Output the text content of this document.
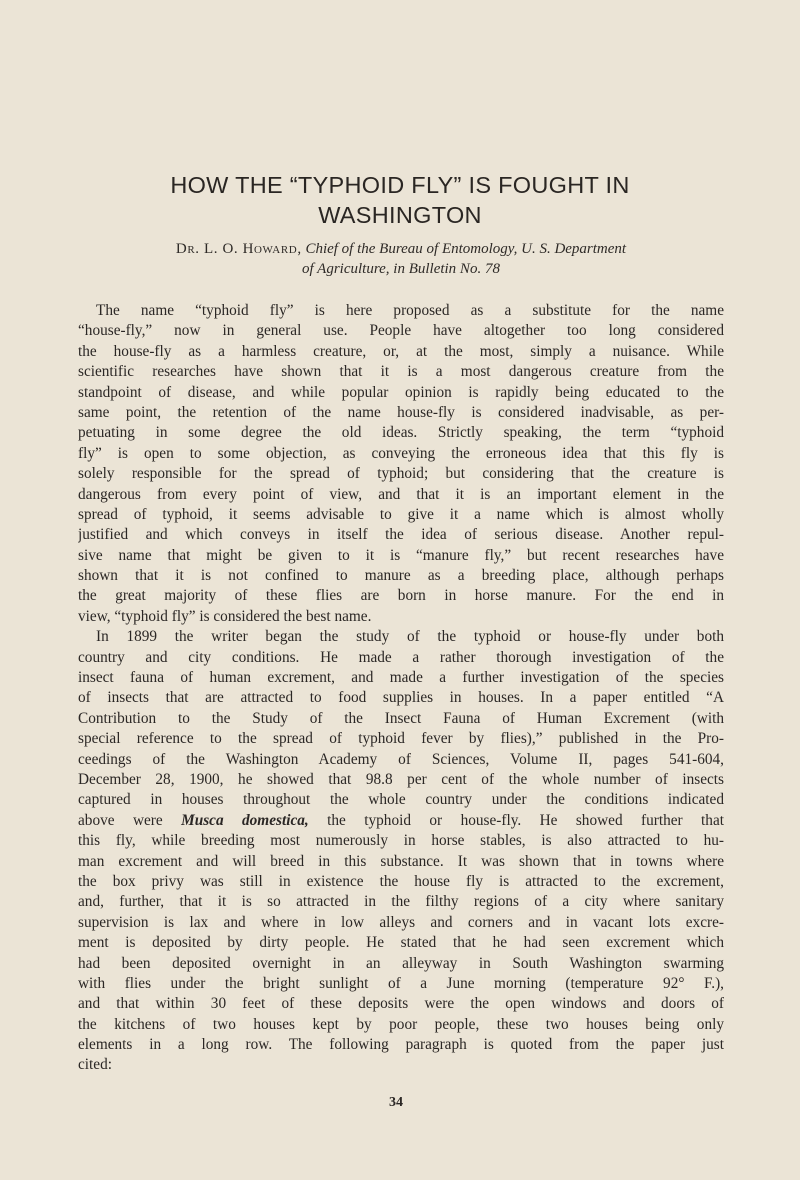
HOW THE “TYPHOID FLY” IS FOUGHT IN
WASHINGTON
Dr. L. O. Howard, Chief of the Bureau of Entomology, U. S. Department
of Agriculture, in Bulletin No. 78

The name “typhoid fly” is here proposed as a substitute for the name
“house-fly,” now in general use. People have altogether too long considered
the house-fly as a harmless creature, or, at the most, simply a nuisance. While
scientific researches have shown that it is a most dangerous creature from the
standpoint of disease, and while popular opinion is rapidly being educated to the
same point, the retention of the name house-fly is considered inadvisable, as per-
petuating in some degree the old ideas. Strictly speaking, the term “typhoid
fly” is open to some objection, as conveying the erroneous idea that this fly is
solely responsible for the spread of typhoid; but considering that the creature is
dangerous from every point of view, and that it is an important element in the
spread of typhoid, it seems advisable to give it a name which is almost wholly
justified and which conveys in itself the idea of serious disease. Another repul-
sive name that might be given to it is “manure fly,” but recent researches have
shown that it is not confined to manure as a breeding place, although perhaps
the great majority of these flies are born in horse manure. For the end in
view, “typhoid fly” is considered the best name.

In 1899 the writer began the study of the typhoid or house-fly under both
country and city conditions. He made a rather thorough investigation of the
insect fauna of human excrement, and made a further investigation of the species
of insects that are attracted to food supplies in houses. In a paper entitled “A
Contribution to the Study of the Insect Fauna of Human Excrement (with
special reference to the spread of typhoid fever by flies),” published in the Pro-
ceedings of the Washington Academy of Sciences, Volume II, pages 541-604,
December 28, 1900, he showed that 98.8 per cent of the whole number of insects
captured in houses throughout the whole country under the conditions indicated
above were Musca domestica, the typhoid or house-fly. He showed further that
this fly, while breeding most numerously in horse stables, is also attracted to hu-
man excrement and will breed in this substance. It was shown that in towns where
the box privy was still in existence the house fly is attracted to the excrement,
and, further, that it is so attracted in the filthy regions of a city where sanitary
supervision is lax and where in low alleys and corners and in vacant lots excre-
ment is deposited by dirty people. He stated that he had seen excrement which
had been deposited overnight in an alleyway in South Washington swarming
with flies under the bright sunlight of a June morning (temperature 92° F.),
and that within 30 feet of these deposits were the open windows and doors of
the kitchens of two houses kept by poor people, these two houses being only
elements in a long row. The following paragraph is quoted from the paper just
cited:

34
